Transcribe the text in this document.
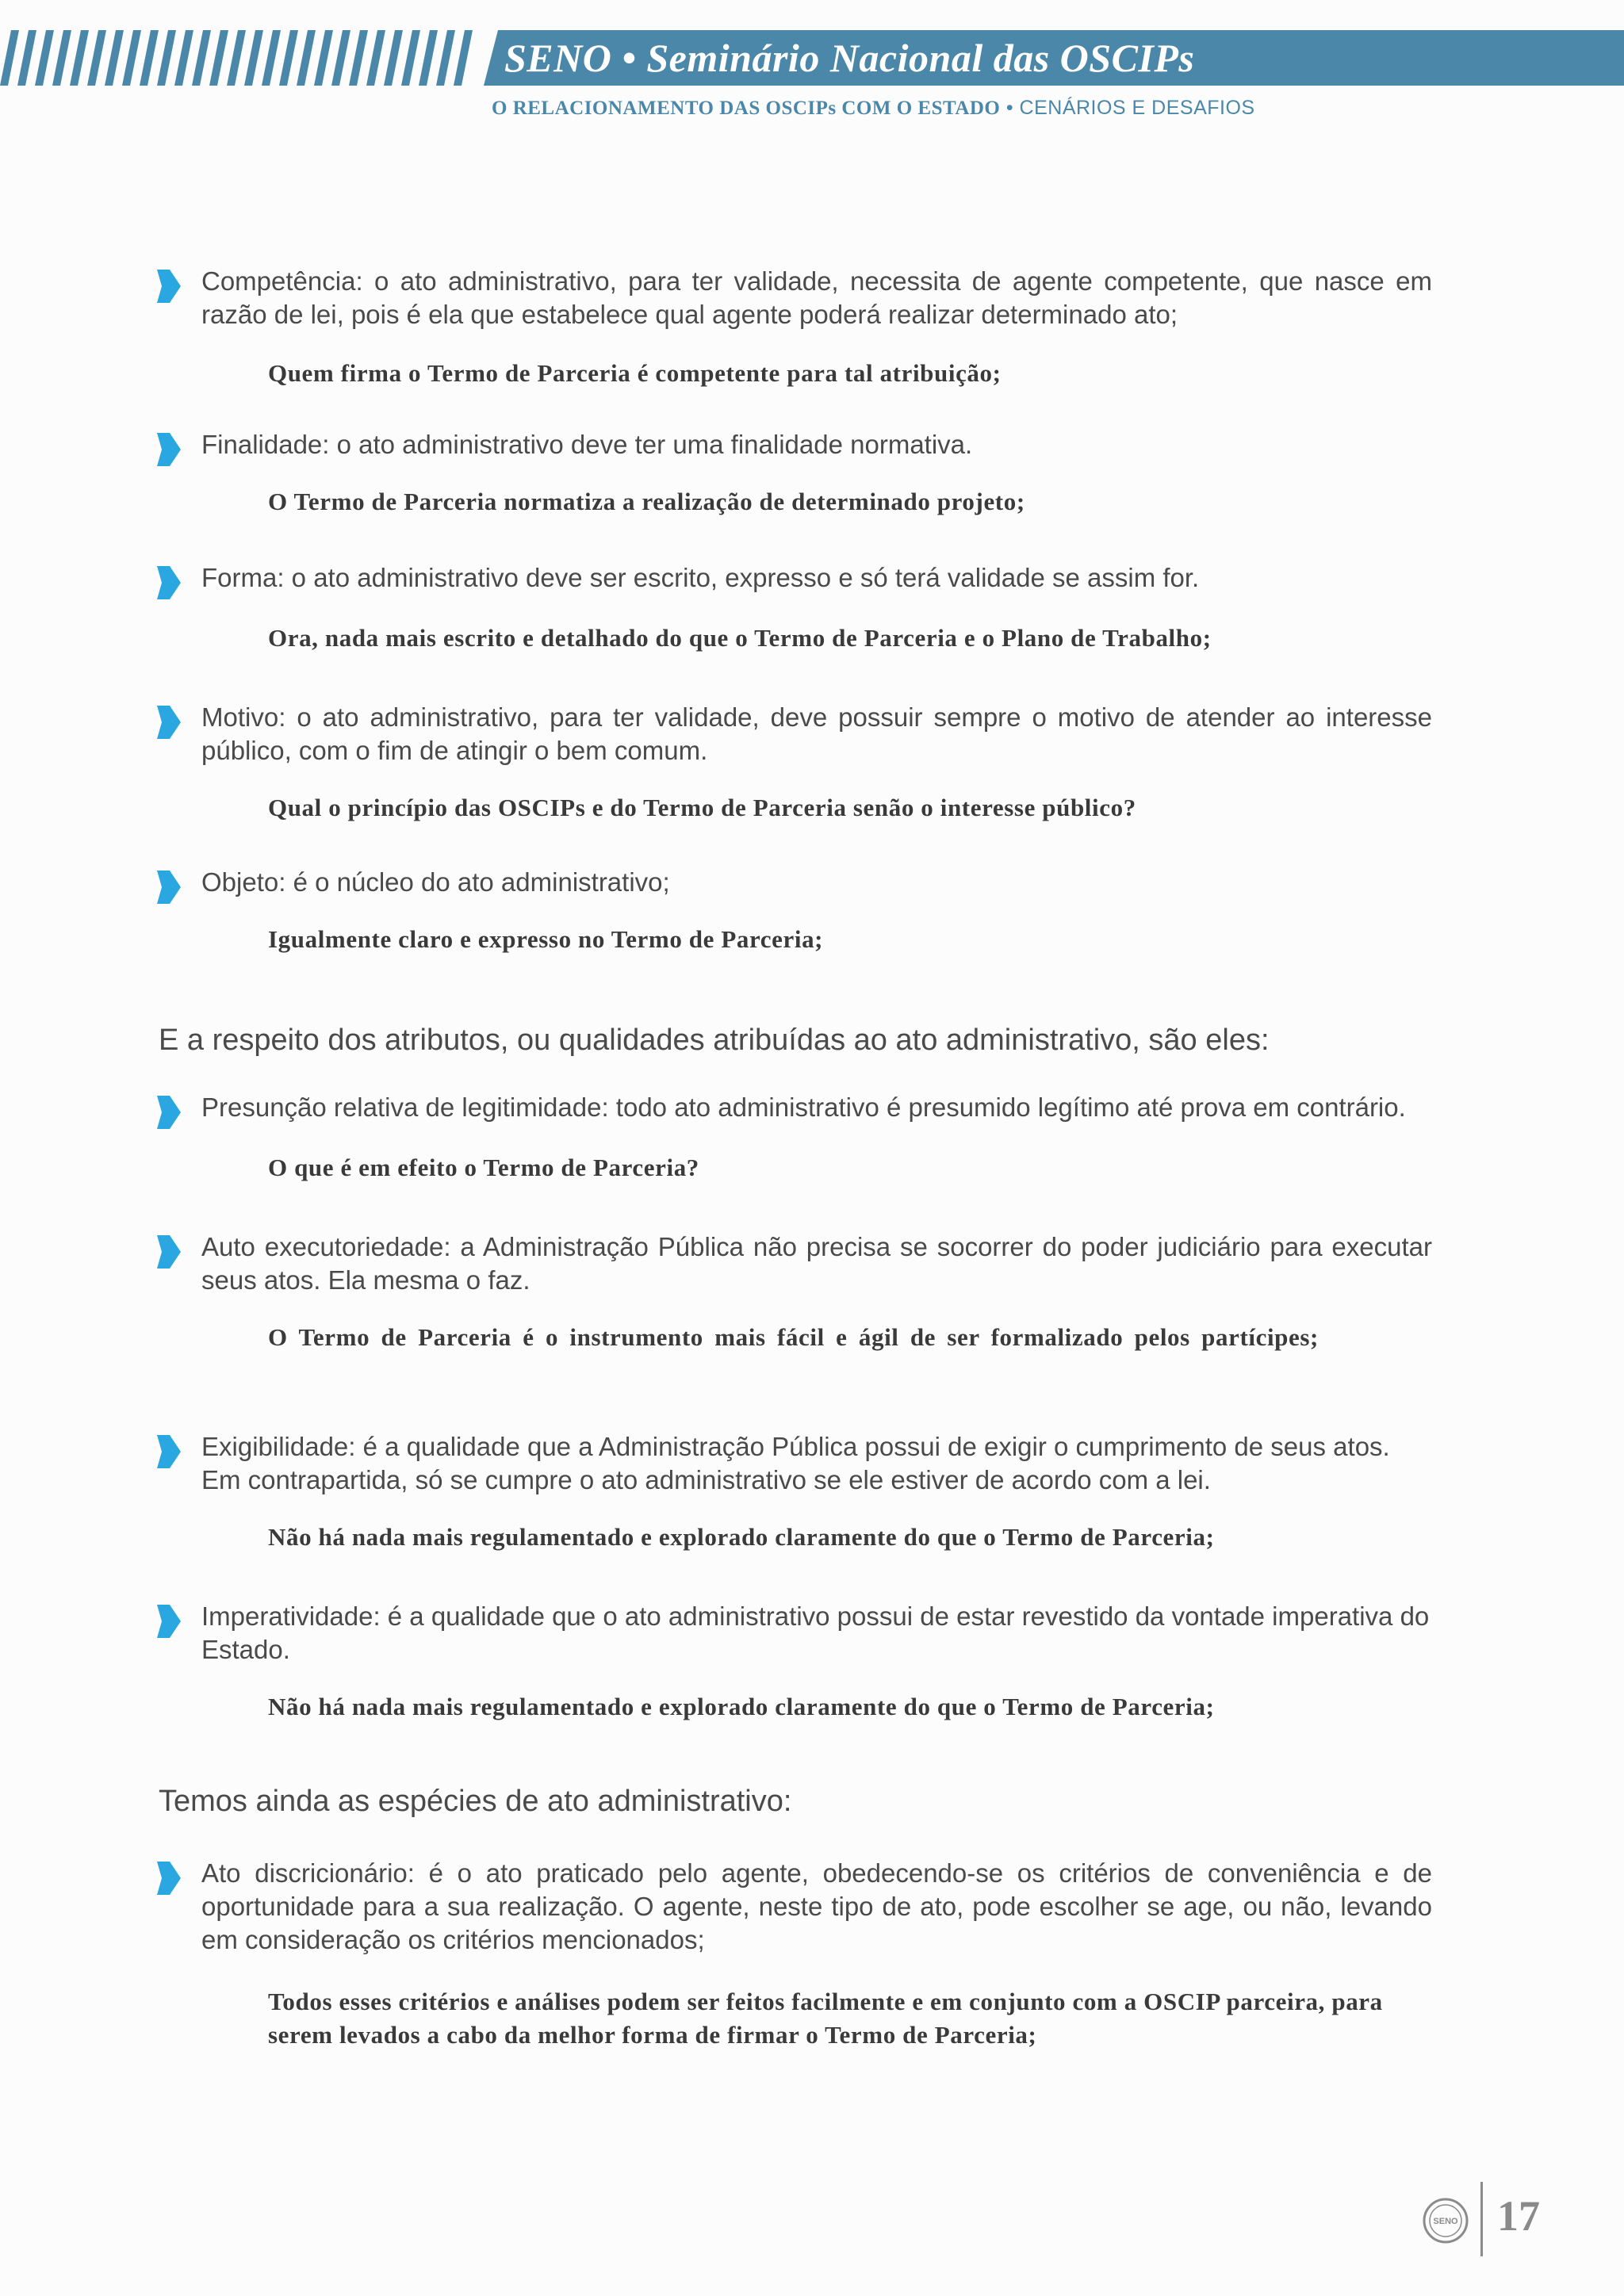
SENO • Seminário Nacional das OSCIPs
O RELACIONAMENTO DAS OSCIPs COM O ESTADO • CENÁRIOS E DESAFIOS
Competência: o ato administrativo, para ter validade, necessita de agente competente, que nasce em razão de lei, pois é ela que estabelece qual agente poderá realizar determinado ato;
Quem firma o Termo de Parceria é competente para tal atribuição;
Finalidade: o ato administrativo deve ter uma finalidade normativa.
O Termo de Parceria normatiza a realização de determinado projeto;
Forma: o ato administrativo deve ser escrito, expresso e só terá validade se assim for.
Ora, nada mais escrito e detalhado do que o Termo de Parceria e o Plano de Trabalho;
Motivo: o ato administrativo, para ter validade, deve possuir sempre o motivo de atender ao interesse público, com o fim de atingir o bem comum.
Qual o princípio das OSCIPs e do Termo de Parceria senão o interesse público?
Objeto: é o núcleo do ato administrativo;
Igualmente claro e expresso no Termo de Parceria;
E a respeito dos atributos, ou qualidades atribuídas ao ato administrativo, são eles:
Presunção relativa de legitimidade: todo ato administrativo é presumido legítimo até prova em contrário.
O que é em efeito o Termo de Parceria?
Auto executoriedade: a Administração Pública não precisa se socorrer do poder judiciário para executar seus atos. Ela mesma o faz.
O Termo de Parceria é o instrumento mais fácil e ágil de ser formalizado pelos partícipes;
Exigibilidade: é a qualidade que a Administração Pública possui de exigir o cumprimento de seus atos. Em contrapartida, só se cumpre o ato administrativo se ele estiver de acordo com a lei.
Não há nada mais regulamentado e explorado claramente do que o Termo de Parceria;
Imperatividade: é a qualidade que o ato administrativo possui de estar revestido da vontade imperativa do Estado.
Não há nada mais regulamentado e explorado claramente do que o Termo de Parceria;
Temos ainda as espécies de ato administrativo:
Ato discricionário: é o ato praticado pelo agente, obedecendo-se os critérios de conveniência e de oportunidade para a sua realização. O agente, neste tipo de ato, pode escolher se age, ou não, levando em consideração os critérios mencionados;
Todos esses critérios e análises podem ser feitos facilmente e em conjunto com a OSCIP parceira, para serem levados a cabo da melhor forma de firmar o Termo de Parceria;
SENO 17
